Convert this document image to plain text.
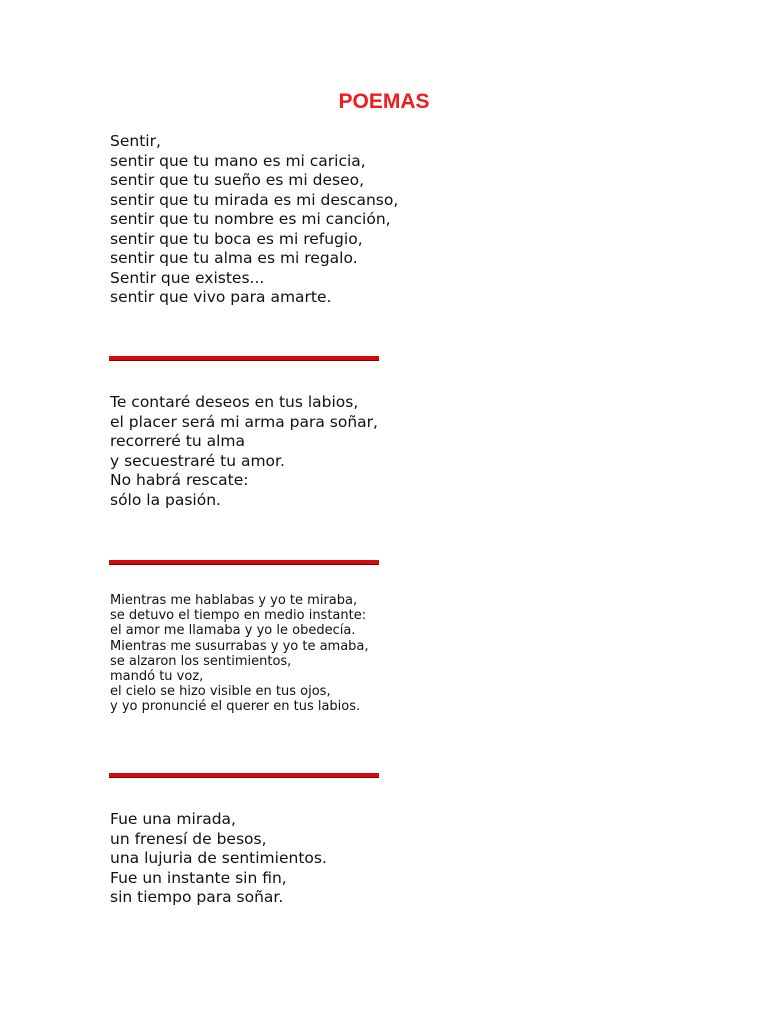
POEMAS
Sentir,
sentir que tu mano es mi caricia,
sentir que tu sueño es mi deseo,
sentir que tu mirada es mi descanso,
sentir que tu nombre es mi canción,
sentir que tu boca es mi refugio,
sentir que tu alma es mi regalo.
Sentir que existes...
sentir que vivo para amarte.
Te contaré deseos en tus labios,
el placer será mi arma para soñar,
recorreré tu alma
y secuestraré tu amor.
No habrá rescate:
sólo la pasión.
Mientras me hablabas y yo te miraba,
se detuvo el tiempo en medio instante:
el amor me llamaba y yo le obedecía.
Mientras me susurrabas y yo te amaba,
se alzaron los sentimientos,
mandó tu voz,
el cielo se hizo visible en tus ojos,
y yo pronuncié el querer en tus labios.
Fue una mirada,
un frenesí de besos,
una lujuria de sentimientos.
Fue un instante sin fin,
sin tiempo para soñar.
